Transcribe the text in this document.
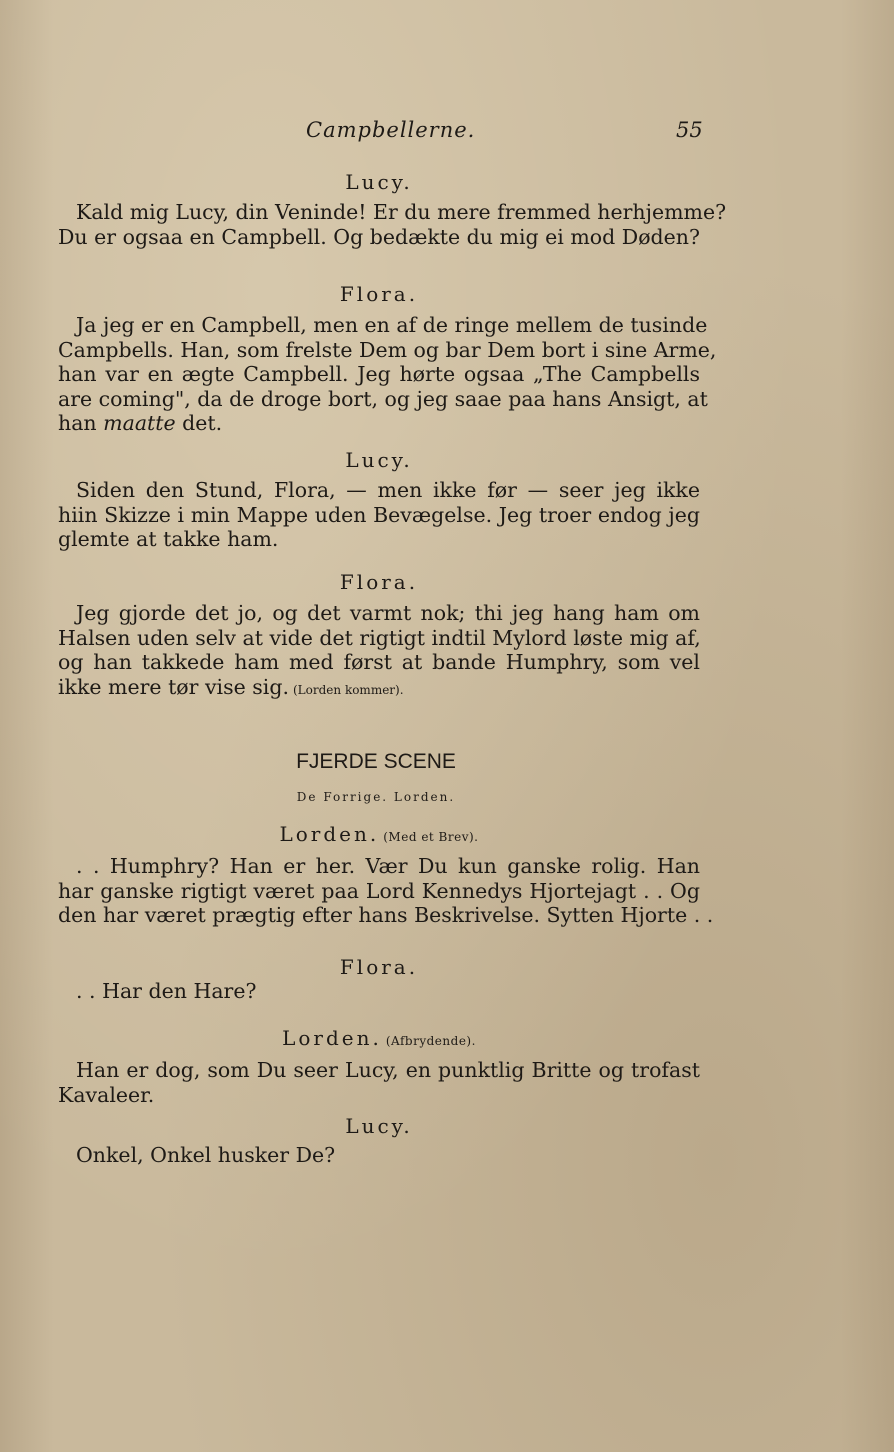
Campbellerne.	55
Lucy.
Kald mig Lucy, din Veninde! Er du mere fremmed herhjemme?
Du er ogsaa en Campbell. Og bedækte du mig ei mod Døden?
Flora.
Ja jeg er en Campbell, men en af de ringe mellem de tusinde
Campbells. Han, som frelste Dem og bar Dem bort i sine Arme,
han var en ægte Campbell. Jeg hørte ogsaa „The Campbells
are coming", da de droge bort, og jeg saae paa hans Ansigt, at
han maatte det.
Lucy.
Siden den Stund, Flora, — men ikke før — seer jeg ikke
hiin Skizze i min Mappe uden Bevægelse. Jeg troer endog jeg
glemte at takke ham.
Flora.
Jeg gjorde det jo, og det varmt nok; thi jeg hang ham om
Halsen uden selv at vide det rigtigt indtil Mylord løste mig af,
og han takkede ham med først at bande Humphry, som vel
ikke mere tør vise sig. (Lorden kommer).
FJERDE SCENE
De Forrige. Lorden.
Lorden. (Med et Brev).
. . Humphry? Han er her. Vær Du kun ganske rolig. Han
har ganske rigtigt været paa Lord Kennedys Hjortejagt . . Og
den har været prægtig efter hans Beskrivelse. Sytten Hjorte . .
Flora.
. . Har den Hare?
Lorden. (Afbrydende).
Han er dog, som Du seer Lucy, en punktlig Britte og trofast
Kavaleer.
Lucy.
Onkel, Onkel husker De?
